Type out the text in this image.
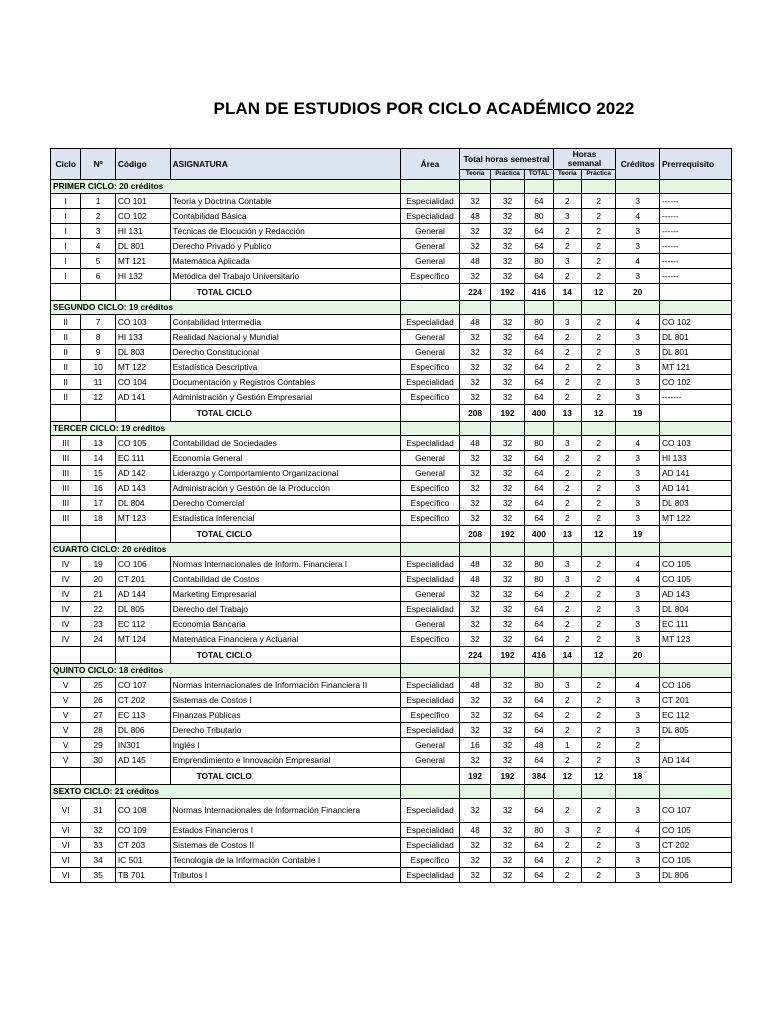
PLAN DE ESTUDIOS POR CICLO ACADÉMICO 2022
Ciclo	Nº	Código	ASIGNATURA	Área	Total horas semestral			Horas semanal		Créditos	Prerrequisito
					Teoría	Práctica	TOTAL	Teoría	Práctica		
PRIMER CICLO: 20 créditos											
I	1	CO 101	Teoría y Doctrina Contable	Especialidad	32	32	64	2	2	3	------
I	2	CO 102	Contabilidad Básica	Especialidad	48	32	80	3	2	4	------
I	3	HI 131	Técnicas de Elocución y Redacción	General	32	32	64	2	2	3	------
I	4	DL 801	Derecho Privado y Publico	General	32	32	64	2	2	3	------
I	5	MT 121	Matemática Aplicada	General	48	32	80	3	2	4	------
I	6	HI 132	Metódica del Trabajo Universitario	Específico	32	32	64	2	2	3	------
			TOTAL CICLO		224	192	416	14	12	20	
SEGUNDO CICLO: 19 créditos											
II	7	CO 103	Contabilidad Intermedia	Especialidad	48	32	80	3	2	4	CO 102
II	8	HI 133	Realidad Nacional y Mundial	General	32	32	64	2	2	3	DL 801
II	9	DL 803	Derecho Constitucional	General	32	32	64	2	2	3	DL 801
II	10	MT 122	Estadística Descriptiva	Específico	32	32	64	2	2	3	MT 121
II	11	CO 104	Documentación y Registros Contables	Especialidad	32	32	64	2	2	3	CO 102
II	12	AD 141	Administración y Gestión Empresarial	Específico	32	32	64	2	2	3	-------
			TOTAL CICLO		208	192	400	13	12	19	
TERCER CICLO: 19 créditos											
III	13	CO 105	Contabilidad de Sociedades	Especialidad	48	32	80	3	2	4	CO 103
III	14	EC 111	Economía General	General	32	32	64	2	2	3	HI 133
III	15	AD 142	Liderazgo y Comportamiento Organizacional	General	32	32	64	2	2	3	AD 141
III	16	AD 143	Administración y Gestión de la Producción	Específico	32	32	64	2	2	3	AD 141
III	17	DL 804	Derecho Comercial	Específico	32	32	64	2	2	3	DL 803
III	18	MT 123	Estadística Inferencial	Específico	32	32	64	2	2	3	MT 122
			TOTAL CICLO		208	192	400	13	12	19	
CUARTO CICLO: 20 créditos											
IV	19	CO 106	Normas Internacionales de Inform. Financiera I	Especialidad	48	32	80	3	2	4	CO 105
IV	20	CT 201	Contabilidad de Costos	Especialidad	48	32	80	3	2	4	CO 105
IV	21	AD 144	Marketing Empresarial	General	32	32	64	2	2	3	AD 143
IV	22	DL 805	Derecho del Trabajo	Especialidad	32	32	64	2	2	3	DL 804
IV	23	EC 112	Economía Bancaria	General	32	32	64	2	2	3	EC 111
IV	24	MT 124	Matemática Financiera y Actuarial	Específico	32	32	64	2	2	3	MT 123
			TOTAL CICLO		224	192	416	14	12	20	
QUINTO CICLO: 18 créditos											
V	25	CO 107	Normas Internacionales de Información Financiera II	Especialidad	48	32	80	3	2	4	CO 106
V	26	CT 202	Sistemas de Costos I	Especialidad	32	32	64	2	2	3	CT 201
V	27	EC 113	Finanzas Públicas	Específico	32	32	64	2	2	3	EC 112
V	28	DL 806	Derecho Tributario	Especialidad	32	32	64	2	2	3	DL 805
V	29	IN301	Inglés I	General	16	32	48	1	2	2	
V	30	AD 145	Emprendimiento e Innovación Empresarial	General	32	32	64	2	2	3	AD 144
			TOTAL CICLO		192	192	384	12	12	18	
SEXTO CICLO: 21 créditos											
VI	31	CO 108	Normas Internacionales de Información Financiera	Especialidad	32	32	64	2	2	3	CO 107
VI	32	CO 109	Estados Financieros I	Especialidad	48	32	80	3	2	4	CO 105
VI	33	CT 203	Sistemas de Costos II	Especialidad	32	32	64	2	2	3	CT 202
VI	34	IC 501	Tecnología de la Información Contable I	Específico	32	32	64	2	2	3	CO 105
VI	35	TB 701	Tributos I	Especialidad	32	32	64	2	2	3	DL 806
